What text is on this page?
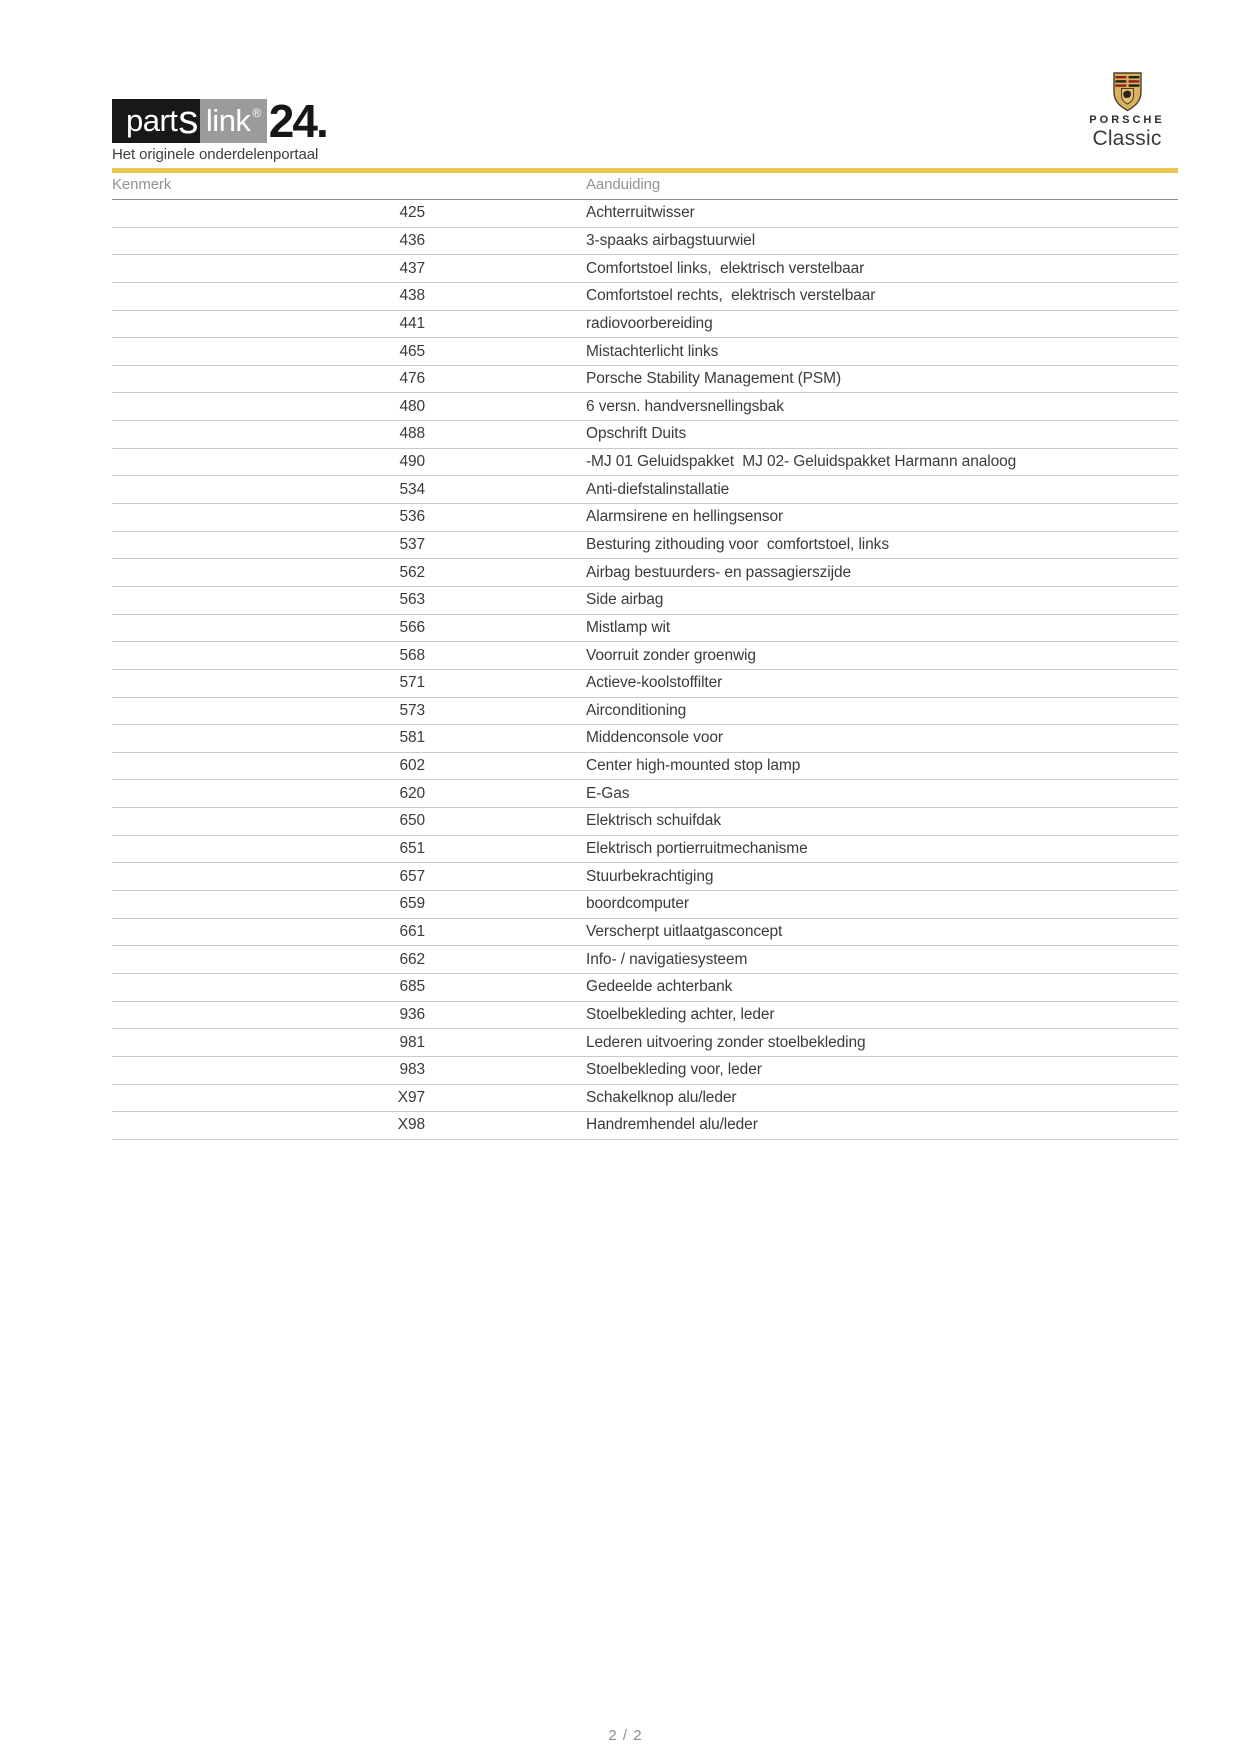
part s link® 24.
Het originele onderdelenportaal
PORSCHE
Classic
Kenmerk	Aanduiding
425	Achterruitwisser
436	3-spaaks airbagstuurwiel
437	Comfortstoel links,  elektrisch verstelbaar
438	Comfortstoel rechts,  elektrisch verstelbaar
441	radiovoorbereiding
465	Mistachterlicht links
476	Porsche Stability Management (PSM)
480	6 versn. handversnellingsbak
488	Opschrift Duits
490	-MJ 01 Geluidspakket  MJ 02- Geluidspakket Harmann analoog
534	Anti-diefstalinstallatie
536	Alarmsirene en hellingsensor
537	Besturing zithouding voor  comfortstoel, links
562	Airbag bestuurders- en passagierszijde
563	Side airbag
566	Mistlamp wit
568	Voorruit zonder groenwig
571	Actieve-koolstoffilter
573	Airconditioning
581	Middenconsole voor
602	Center high-mounted stop lamp
620	E-Gas
650	Elektrisch schuifdak
651	Elektrisch portierruitmechanisme
657	Stuurbekrachtiging
659	boordcomputer
661	Verscherpt uitlaatgasconcept
662	Info- / navigatiesysteem
685	Gedeelde achterbank
936	Stoelbekleding achter, leder
981	Lederen uitvoering zonder stoelbekleding
983	Stoelbekleding voor, leder
X97	Schakelknop alu/leder
X98	Handremhendel alu/leder
2 / 2
